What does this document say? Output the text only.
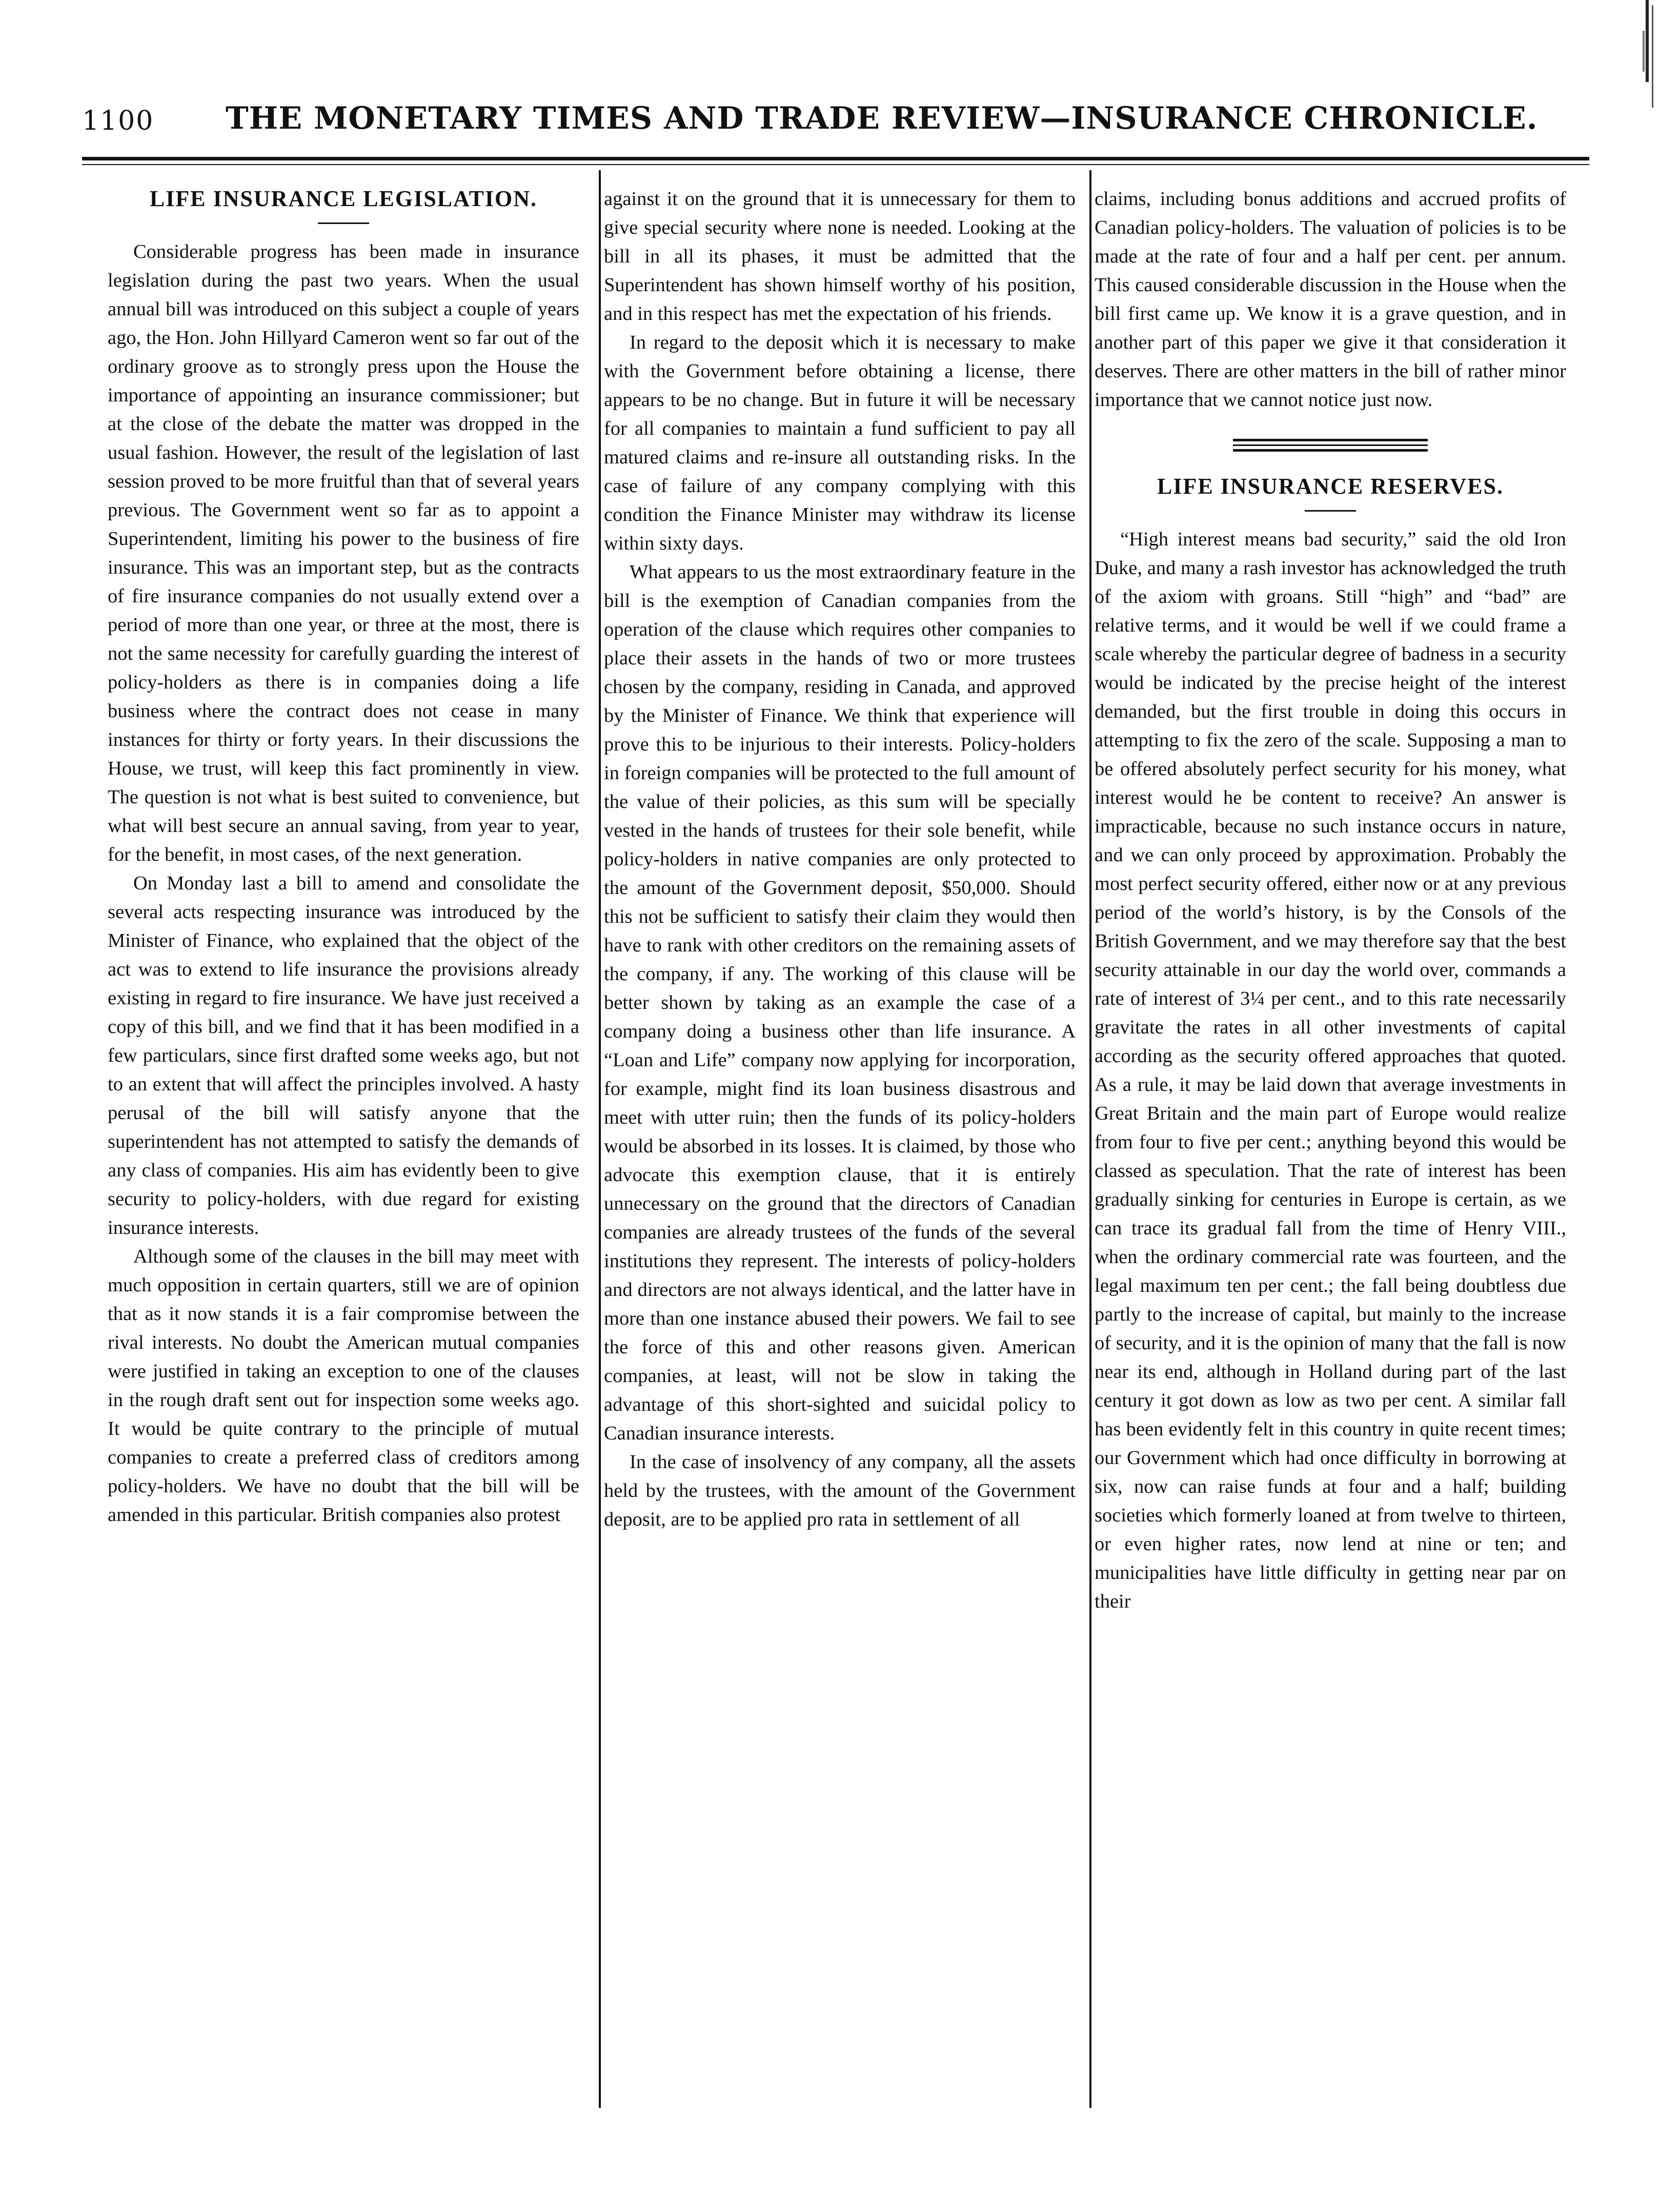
1100 THE MONETARY TIMES AND TRADE REVIEW—INSURANCE CHRONICLE.
LIFE INSURANCE LEGISLATION.

Considerable progress has been made in insurance legislation during the past two years. When the usual annual bill was introduced on this subject a couple of years ago, the Hon. John Hillyard Cameron went so far out of the ordinary groove as to strongly press upon the House the importance of appointing an insurance commissioner; but at the close of the debate the matter was dropped in the usual fashion. However, the result of the legislation of last session proved to be more fruitful than that of several years previous. The Government went so far as to appoint a Superintendent, limiting his power to the business of fire insurance. This was an important step, but as the contracts of fire insurance companies do not usually extend over a period of more than one year, or three at the most, there is not the same necessity for carefully guarding the interest of policy-holders as there is in companies doing a life business where the contract does not cease in many instances for thirty or forty years. In their discussions the House, we trust, will keep this fact prominently in view. The question is not what is best suited to convenience, but what will best secure an annual saving, from year to year, for the benefit, in most cases, of the next generation.

On Monday last a bill to amend and consolidate the several acts respecting insurance was introduced by the Minister of Finance, who explained that the object of the act was to extend to life insurance the provisions already existing in regard to fire insurance. We have just received a copy of this bill, and we find that it has been modified in a few particulars, since first drafted some weeks ago, but not to an extent that will affect the principles involved. A hasty perusal of the bill will satisfy anyone that the superintendent has not attempted to satisfy the demands of any class of companies. His aim has evidently been to give security to policy-holders, with due regard for existing insurance interests.

Although some of the clauses in the bill may meet with much opposition in certain quarters, still we are of opinion that as it now stands it is a fair compromise between the rival interests. No doubt the American mutual companies were justified in taking an exception to one of the clauses in the rough draft sent out for inspection some weeks ago. It would be quite contrary to the principle of mutual companies to create a preferred class of creditors among policy-holders. We have no doubt that the bill will be amended in this particular. British companies also protest

against it on the ground that it is unnecessary for them to give special security where none is needed. Looking at the bill in all its phases, it must be admitted that the Superintendent has shown himself worthy of his position, and in this respect has met the expectation of his friends.

In regard to the deposit which it is necessary to make with the Government before obtaining a license, there appears to be no change. But in future it will be necessary for all companies to maintain a fund sufficient to pay all matured claims and re-insure all outstanding risks. In the case of failure of any company complying with this condition the Finance Minister may withdraw its license within sixty days.

What appears to us the most extraordinary feature in the bill is the exemption of Canadian companies from the operation of the clause which requires other companies to place their assets in the hands of two or more trustees chosen by the company, residing in Canada, and approved by the Minister of Finance. We think that experience will prove this to be injurious to their interests. Policy-holders in foreign companies will be protected to the full amount of the value of their policies, as this sum will be specially vested in the hands of trustees for their sole benefit, while policy-holders in native companies are only protected to the amount of the Government deposit, $50,000. Should this not be sufficient to satisfy their claim they would then have to rank with other creditors on the remaining assets of the company, if any. The working of this clause will be better shown by taking as an example the case of a company doing a business other than life insurance. A “Loan and Life” company now applying for incorporation, for example, might find its loan business disastrous and meet with utter ruin; then the funds of its policy-holders would be absorbed in its losses. It is claimed, by those who advocate this exemption clause, that it is entirely unnecessary on the ground that the directors of Canadian companies are already trustees of the funds of the several institutions they represent. The interests of policy-holders and directors are not always identical, and the latter have in more than one instance abused their powers. We fail to see the force of this and other reasons given. American companies, at least, will not be slow in taking the advantage of this short-sighted and suicidal policy to Canadian insurance interests.

In the case of insolvency of any company, all the assets held by the trustees, with the amount of the Government deposit, are to be applied pro rata in settlement of all

claims, including bonus additions and accrued profits of Canadian policy-holders. The valuation of policies is to be made at the rate of four and a half per cent. per annum. This caused considerable discussion in the House when the bill first came up. We know it is a grave question, and in another part of this paper we give it that consideration it deserves. There are other matters in the bill of rather minor importance that we cannot notice just now.

LIFE INSURANCE RESERVES.

“High interest means bad security,” said the old Iron Duke, and many a rash investor has acknowledged the truth of the axiom with groans. Still “high” and “bad” are relative terms, and it would be well if we could frame a scale whereby the particular degree of badness in a security would be indicated by the precise height of the interest demanded, but the first trouble in doing this occurs in attempting to fix the zero of the scale. Supposing a man to be offered absolutely perfect security for his money, what interest would he be content to receive? An answer is impracticable, because no such instance occurs in nature, and we can only proceed by approximation. Probably the most perfect security offered, either now or at any previous period of the world’s history, is by the Consols of the British Government, and we may therefore say that the best security attainable in our day the world over, commands a rate of interest of 3¼ per cent., and to this rate necessarily gravitate the rates in all other investments of capital according as the security offered approaches that quoted. As a rule, it may be laid down that average investments in Great Britain and the main part of Europe would realize from four to five per cent.; anything beyond this would be classed as speculation. That the rate of interest has been gradually sinking for centuries in Europe is certain, as we can trace its gradual fall from the time of Henry VIII., when the ordinary commercial rate was fourteen, and the legal maximum ten per cent.; the fall being doubtless due partly to the increase of capital, but mainly to the increase of security, and it is the opinion of many that the fall is now near its end, although in Holland during part of the last century it got down as low as two per cent. A similar fall has been evidently felt in this country in quite recent times; our Government which had once difficulty in borrowing at six, now can raise funds at four and a half; building societies which formerly loaned at from twelve to thirteen, or even higher rates, now lend at nine or ten; and municipalities have little difficulty in getting near par on their
